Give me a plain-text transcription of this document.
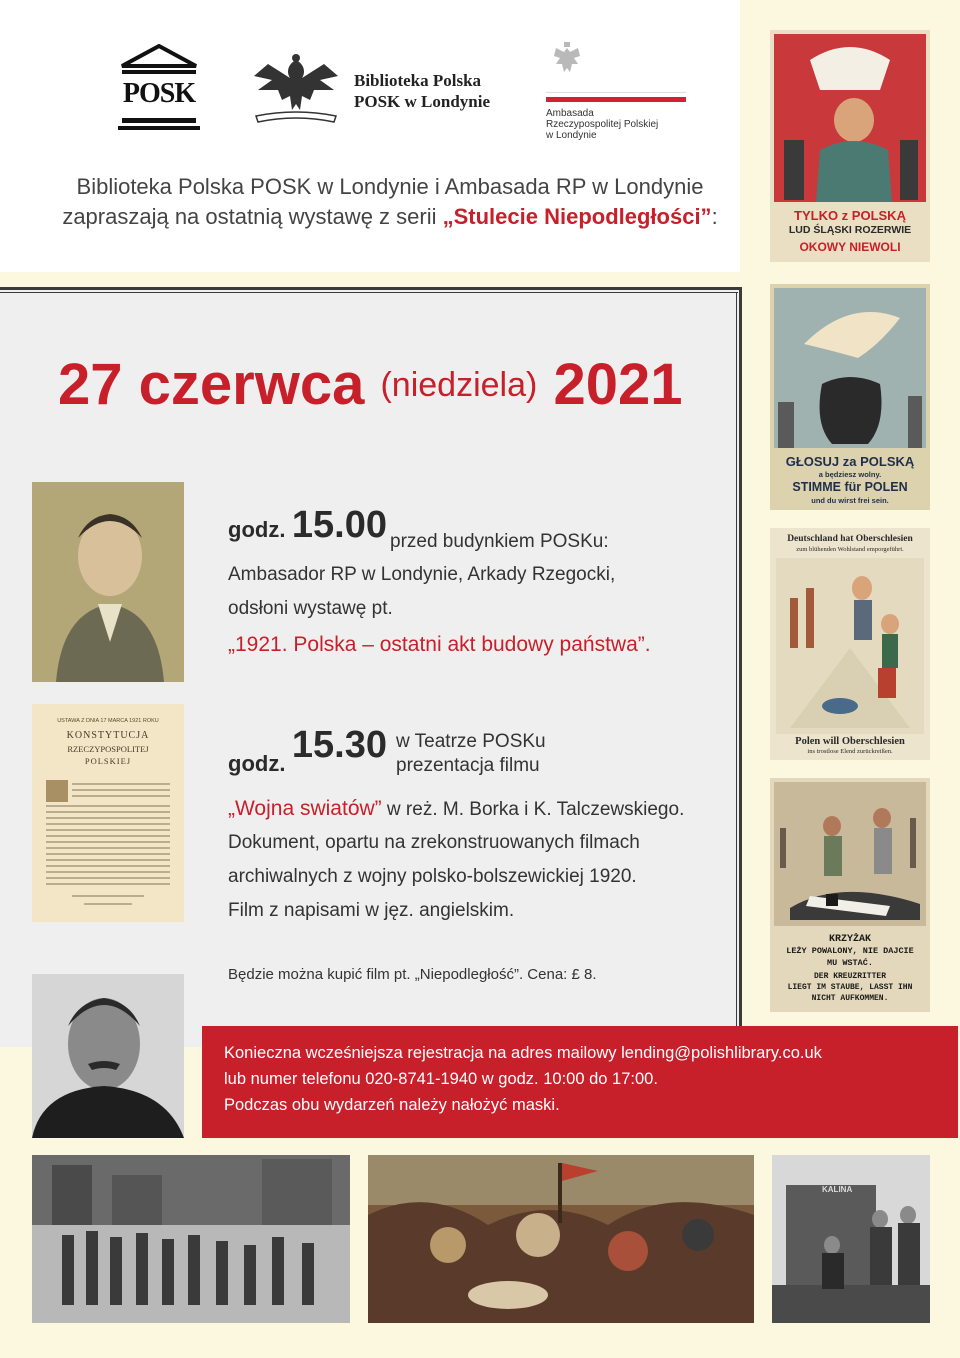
POSK	Biblioteka Polska
POSK w Londynie
Ambasada
Rzeczypospolitej Polskiej
w Londynie
Biblioteka Polska POSK w Londynie i Ambasada RP w Londynie
zapraszają na ostatnią wystawę z serii „Stulecie Niepodległości”:
27 czerwca (niedziela) 2021
godz. 15.00 przed budynkiem POSKu:
Ambasador RP w Londynie, Arkady Rzegocki,
odsłoni wystawę pt.
„1921. Polska – ostatni akt budowy państwa”.
godz. 15.30 w Teatrze POSKu
prezentacja filmu
„Wojna swiatów” w reż. M. Borka i K. Talczewskiego.
Dokument, opartu na zrekonstruowanych filmach
archiwalnych z wojny polsko-bolszewickiej 1920.
Film z napisami w jęz. angielskim.
Będzie można kupić film pt. „Niepodległość”. Cena: £ 8.
Konieczna wcześniejsza rejestracja na adres mailowy lending@polishlibrary.co.uk
lub numer telefonu 020-8741-1940 w godz. 10:00 do 17:00.
Podczas obu wydarzeń należy nałożyć maski.
USTAWA Z DNIA 17 MARCA 1921 ROKU
KONSTYTUCJA
RZECZYPOSPOLITEJ
POLSKIEJ
TYLKO z POLSKĄ
LUD ŚLĄSKI ROZERWIE
OKOWY NIEWOLI
GŁOSUJ za POLSKĄ
a będziesz wolny.
STIMME für POLEN
und du wirst frei sein.
Deutschland hat Oberschlesien
zum blühenden Wohlstand emporgeführt.
Polen will Oberschlesien
ins trostlose Elend zurückreißen.
KRZYŻAK
LEŻY POWALONY, NIE DAJCIE
MU WSTAĆ.
DER KREUZRITTER
LIEGT IM STAUBE, LASST IHN
NICHT AUFKOMMEN.
KALINA
